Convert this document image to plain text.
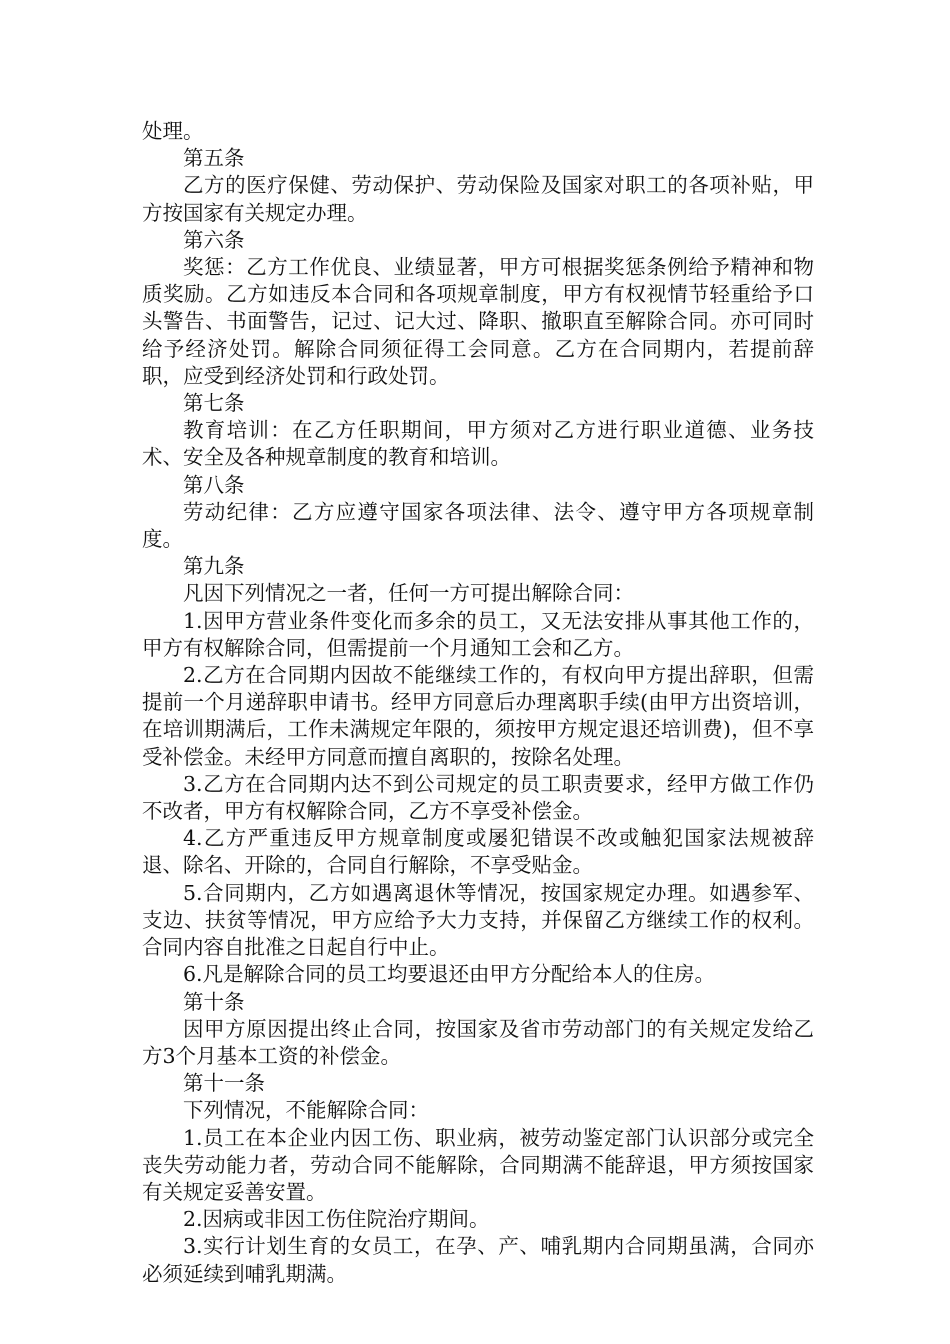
处理。

第五条

乙方的医疗保健、劳动保护、劳动保险及国家对职工的各项补贴，甲方按国家有关规定办理。

第六条

奖惩：乙方工作优良、业绩显著，甲方可根据奖惩条例给予精神和物质奖励。乙方如违反本合同和各项规章制度，甲方有权视情节轻重给予口头警告、书面警告，记过、记大过、降职、撤职直至解除合同。亦可同时给予经济处罚。解除合同须征得工会同意。乙方在合同期内，若提前辞职，应受到经济处罚和行政处罚。

第七条

教育培训：在乙方任职期间，甲方须对乙方进行职业道德、业务技术、安全及各种规章制度的教育和培训。

第八条

劳动纪律：乙方应遵守国家各项法律、法令、遵守甲方各项规章制度。

第九条

凡因下列情况之一者，任何一方可提出解除合同：

1.因甲方营业条件变化而多余的员工，又无法安排从事其他工作的，甲方有权解除合同，但需提前一个月通知工会和乙方。

2.乙方在合同期内因故不能继续工作的，有权向甲方提出辞职，但需提前一个月递辞职申请书。经甲方同意后办理离职手续(由甲方出资培训，在培训期满后，工作未满规定年限的，须按甲方规定退还培训费)，但不享受补偿金。未经甲方同意而擅自离职的，按除名处理。

3.乙方在合同期内达不到公司规定的员工职责要求，经甲方做工作仍不改者，甲方有权解除合同，乙方不享受补偿金。

4.乙方严重违反甲方规章制度或屡犯错误不改或触犯国家法规被辞退、除名、开除的，合同自行解除，不享受贴金。

5.合同期内，乙方如遇离退休等情况，按国家规定办理。如遇参军、支边、扶贫等情况，甲方应给予大力支持，并保留乙方继续工作的权利。合同内容自批准之日起自行中止。

6.凡是解除合同的员工均要退还由甲方分配给本人的住房。

第十条

因甲方原因提出终止合同，按国家及省市劳动部门的有关规定发给乙方3个月基本工资的补偿金。

第十一条

下列情况，不能解除合同：

1.员工在本企业内因工伤、职业病，被劳动鉴定部门认识部分或完全丧失劳动能力者，劳动合同不能解除，合同期满不能辞退，甲方须按国家有关规定妥善安置。

2.因病或非因工伤住院治疗期间。

3.实行计划生育的女员工，在孕、产、哺乳期内合同期虽满，合同亦必须延续到哺乳期满。
